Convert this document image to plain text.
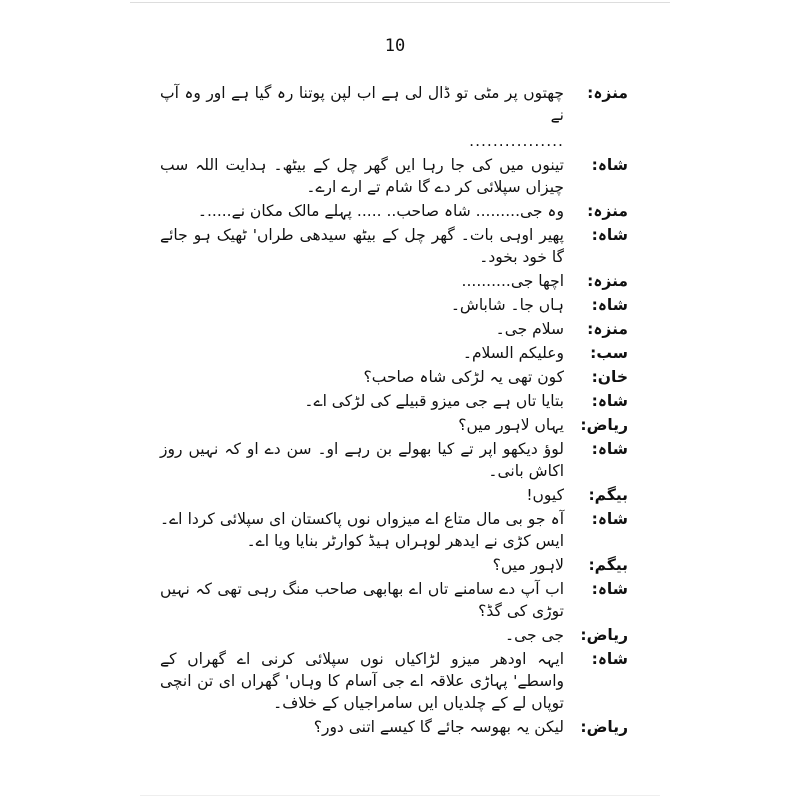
10
منزہ:
چھتوں پر مٹی تو ڈال لی ہے اب لپن پوتنا رہ گیا ہے اور وہ آپ نے
................
شاہ:
تینوں میں کی جا رہا ایں گھر چل کے بیٹھ۔ ہدایت اللہ سب چیزاں سپلائی کر دے گا شام تے ارے ارے۔
منزہ:
وہ جی......... شاہ صاحب.. ..... پہلے مالک مکان نے.....۔
شاہ:
پھیر اوہی بات۔ گھر چل کے بیٹھ سیدھی طراں' ٹھیک ہو جائے گا خود بخود۔
منزہ:
اچھا جی..........
شاہ:
ہاں جا۔ شاباش۔
منزہ:
سلام جی۔
سب:
وعلیکم السلام۔
خان:
کون تھی یہ لڑکی شاہ صاحب؟
شاہ:
بتایا تاں ہے جی میزو قبیلے کی لڑکی اے۔
ریاض:
یہاں لاہور میں؟
شاہ:
لوؤ دیکھو اپر تے کیا بھولے بن رہے او۔ سن دے او کہ نہیں روز اکاش بانی۔
بیگم:
کیوں!
شاہ:
آہ جو بی مال متاع اے میزواں نوں پاکستان ای سپلائی کردا اے۔ ایس کڑی نے ایدھر لوہراں ہیڈ کوارٹر بنایا ویا اے۔
بیگم:
لاہور میں؟
شاہ:
اب آپ دے سامنے تاں اے بھابھی صاحب منگ رہی تھی کہ نہیں توڑی کی گڈ؟
ریاض:
جی جی۔
شاہ:
ایہہ اودھر میزو لڑاکیاں نوں سپلائی کرنی اے گھراں کے واسطے' پہاڑی علاقہ اے جی آسام کا وہاں' گھراں ای تن انچی توپاں لے کے چلدیاں ایں سامراجیاں کے خلاف۔
ریاض:
لیکن یہ بھوسہ جائے گا کیسے اتنی دور؟
